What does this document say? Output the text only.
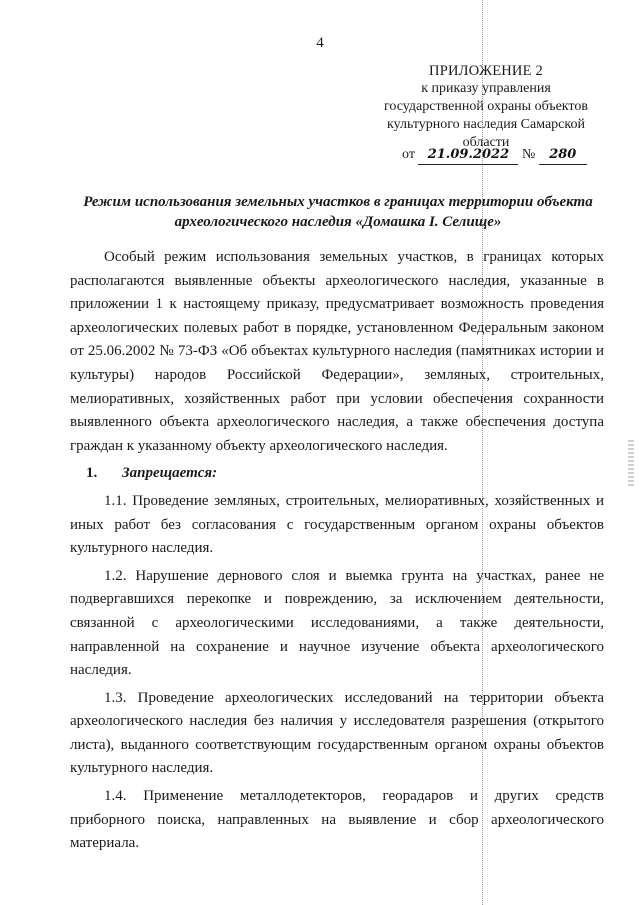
4
ПРИЛОЖЕНИЕ 2
к приказу управления
государственной охраны объектов
культурного наследия Самарской
области
от 21.09.2022 № 280
Режим использования земельных участков в границах территории объекта археологического наследия «Домашка I. Селище»

Особый режим использования земельных участков, в границах которых располагаются выявленные объекты археологического наследия, указанные в приложении 1 к настоящему приказу, предусматривает возможность проведения археологических полевых работ в порядке, установленном Федеральным законом от 25.06.2002 № 73-ФЗ «Об объектах культурного наследия (памятниках истории и культуры) народов Российской Федерации», земляных, строительных, мелиоративных, хозяйственных работ при условии обеспечения сохранности выявленного объекта археологического наследия, а также обеспечения доступа граждан к указанному объекту археологического наследия.

1. Запрещается:

1.1. Проведение земляных, строительных, мелиоративных, хозяйственных и иных работ без согласования с государственным органом охраны объектов культурного наследия.

1.2. Нарушение дернового слоя и выемка грунта на участках, ранее не подвергавшихся перекопке и повреждению, за исключением деятельности, связанной с археологическими исследованиями, а также деятельности, направленной на сохранение и научное изучение объекта археологического наследия.

1.3. Проведение археологических исследований на территории объекта археологического наследия без наличия у исследователя разрешения (открытого листа), выданного соответствующим государственным органом охраны объектов культурного наследия.

1.4. Применение металлодетекторов, георадаров и других средств приборного поиска, направленных на выявление и сбор археологического материала.
